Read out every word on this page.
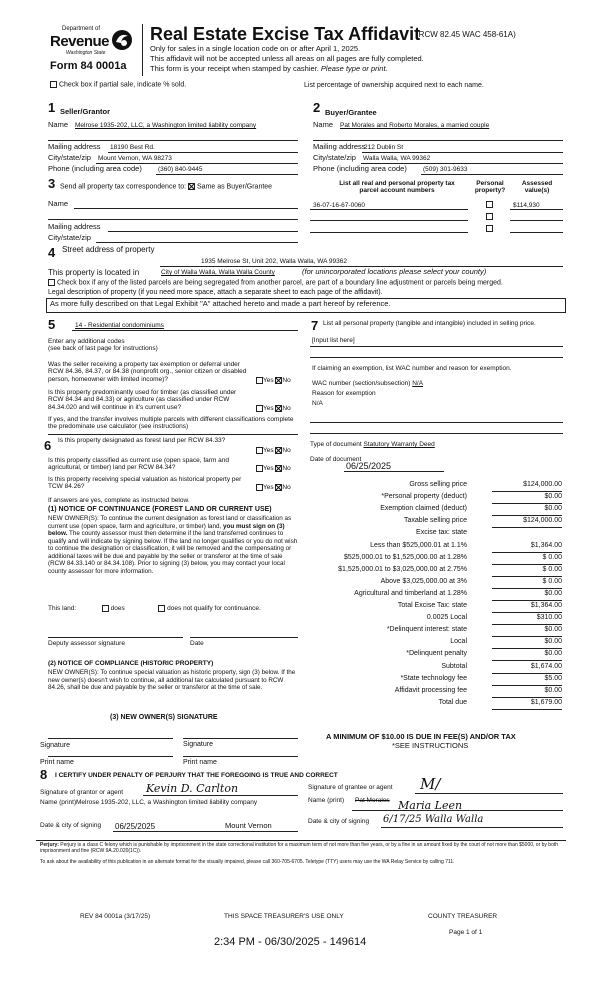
Department of
Revenue
Washington State
Form 84 0001a
Real Estate Excise Tax Affidavit
(RCW 82.45 WAC 458-61A)
Only for sales in a single location code on or after April 1, 2025.
This affidavit will not be accepted unless all areas on all pages are fully completed.
This form is your receipt when stamped by cashier. Please type or print.
Check box if partial sale, indicate % sold.	List percentage of ownership acquired next to each name.
1 Seller/Grantor
Name Melrose 1935-202, LLC, a Washington limited liability company
Mailing address 18190 Best Rd.
City/state/zip Mount Vernon, WA 98273
Phone (including area code) (360) 840-9445
2 Buyer/Grantee
Name Pat Morales and Roberto Morales, a married couple
Mailing address
212 Dublin St
City/state/zip Walla Walla, WA 99362
Phone (including area code) (509) 301-9633
3 Send all property tax correspondence to: Same as Buyer/Grantee
Name
Mailing address
City/state/zip
List all real and personal property tax
parcel account numbers
Personal property?
Assessed value(s)
36-07-16-67-0060	$114,930
4 Street address of property
1935 Melrose St, Unit 202, Walla Walla, WA 99362
This property is located in	City of Walla Walla, Walla Walla County	(for unincorporated locations please select your county)
Check box if any of the listed parcels are being segregated from another parcel, are part of a boundary line adjustment or parcels being merged.
Legal description of property (if you need more space, attach a separate sheet to each page of the affidavit).
As more fully described on that Legal Exhibit "A" attached hereto and made a part hereof by reference.
5	14 - Residential condominiums
Enter any additional codes
(see back of last page for instructions)
Was the seller receiving a property tax exemption or deferral under RCW 84.36, 84.37, or 84.38 (nonprofit org., senior citizen or disabled person, homeowner with limited income)?	Yes No
Is this property predominantly used for timber (as classified under RCW 84.34 and 84.33) or agriculture (as classified under RCW 84.34.020 and will continue in it's current use?	Yes No
If yes, and the transfer involves multiple parcels with different classifications complete the predominate use calculator (see instructions)
6 Is this property designated as forest land per RCW 84.33?
Yes No
Is this property classified as current use (open space, farm and agricultural, or timber) land per RCW 84.34?	Yes No
Is this property receiving special valuation as historical property per TCW 84.26?	Yes No
If answers are yes, complete as instructed below.
(1) NOTICE OF CONTINUANCE (FOREST LAND OR CURRENT USE)
NEW OWNER(S): To continue the current designation as forest land or classification as current use (open space, farm and agriculture, or timber) land, you must sign on (3) below. The county assessor must then determine if the land transferred continues to qualify and will indicate by signing below. If the land no longer qualifies or you do not wish to continue the designation or classification, it will be removed and the compensating or additional taxes will be due and payable by the seller or transferor at the time of sale (RCW 84.33.140 or 84.34.108). Prior to signing (3) below, you may contact your local county assessor for more information.
This land:	does	does not qualify for continuance.
Deputy assessor signature	Date
(2) NOTICE OF COMPLIANCE (HISTORIC PROPERTY)
NEW OWNER(S): To continue special valuation as historic property, sign (3) below. If the new owner(s) doesn't wish to continue, all additional tax calculated pursuant to RCW 84.26, shall be due and payable by the seller or transferor at the time of sale.
(3) NEW OWNER(S) SIGNATURE
Signature	Signature
Print name	Print name
7 List all personal property (tangible and intangible) included in selling price.
[Input list here]
If claiming an exemption, list WAC number and reason for exemption.
WAC number (section/subsection) N/A
Reason for exemption
N/A
Type of document Statutory Warranty Deed
Date of document
06/25/2025
Gross selling price	$124,000.00
*Personal property (deduct)	$0.00
Exemption claimed (deduct)	$0.00
Taxable selling price	$124,000.00
Excise tax: state
Less than $525,000.01 at 1.1%	$1,364.00
$525,000.01 to $1,525,000.00 at 1.28%	$ 0.00
$1,525,000.01 to $3,025,000.00 at 2.75%	$ 0.00
Above $3,025,000.00 at 3%	$ 0.00
Agricultural and timberland at 1.28%	$0.00
Total Excise Tax: state	$1,364.00
0.0025 Local	$310.00
*Delinquent interest: state	$0.00
Local	$0.00
*Delinquent penalty	$0.00
Subtotal	$1,674.00
*State technology fee	$5.00
Affidavit processing fee	$0.00
Total due	$1,679.00
A MINIMUM OF $10.00 IS DUE IN FEE(S) AND/OR TAX
*SEE INSTRUCTIONS
8 I CERTIFY UNDER PENALTY OF PERJURY THAT THE FOREGOING IS TRUE AND CORRECT
Signature of grantor or agent Kevin D. Carlton
Name (print) Melrose 1935-202, LLC, a Washington limited liability company
Date & city of signing 06/25/2025	Mount Vernon
Signature of grantee or agent M/
Name (print) Pat Morales Maria Leen
Date & city of signing 6/17/25 Walla Walla
Perjury: Perjury is a class C felony which is punishable by imprisonment in the state correctional institution for a maximum term of not more than five years, or by a fine in an amount fixed by the court of not more than $5000, or by both imprisonment and fine (RCW 9A.20.020(1C)).
To ask about the availability of this publication in an alternate format for the visually impaired, please call 360-705-6705. Teletype (TTY) users may use the WA Relay Service by calling 711.
REV 84 0001a (3/17/25)	THIS SPACE TREASURER'S USE ONLY	COUNTY TREASURER
Page 1 of 1
2:34 PM - 06/30/2025 - 149614
